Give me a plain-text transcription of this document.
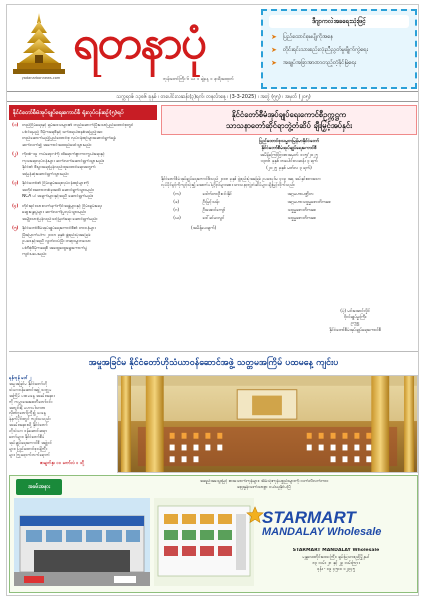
yadanarbonnews.com
ရတနာပုံ
ဘုန်းတော်ကြီး ၆ ယ ၁ ချဲ့နေ့ ၁ နာရီအထုတ်
ဒီဂျာကလဲအခရေးသုံးဖြင့်
➤ ပြည်ထောင်စုမပျိုကိုအနေ
➤ တိုင်းရင်းသားစည်းလုံးညီညွတ်မှုဖျိုက်ကွဲရေး
➤ အချုပ်အခြာအာဏာတည့်တံ့ခိုင်မြဲရေး
သက္ကရာဇ် ၁၃၈၆ ခုနှစ် ၊ တပေါင်းလဆန်း(၃)ရက်၊ တနင်္လာနေ့ ၊ (3-3-2025) ၊ အတွဲ (၅၅) ၊ အမှတ် (၂၀၅)
နိုင်ငံတော်စီမံအုပ်ချုပ်ရေးကောင်စီ ရုံးလုပ်ငန်းစဉ်(၅)ရပ်
(၁) တည်ငြိမ်ရေးနှင့် ရှမ်းဒေသများ၏ တည်ဆောက်ပြီးသောပြည်ထောင်စုတွင်
ပါဝင်ရမည့် ဒီမိုကရေစီနှင့် ဖက်ဒရယ်စနစ်အပြည့်အဝ
တည်ဆောက်မည့်ပြည်ထောင်စု လုပ်ငန်းစဉ်များဆောင်ရွက်ရန်
ဆက်လက်၍ အကောင်အထည်ဖော်သွားမည်။
(၂) ကိုဗစ်-၁၉ ကပ်ရောဂါကို ထိရောက်စွာကာကွယ်ရေးနှင့်
ကုသရေးလုပ်ငန်းများ ဆက်လက်ဆောင်ရွက်သွားမည်။
နိုင်ငံ၏ စီးပွားရေးပြန်လည်ထူထောင်ရေးအတွက်
အမြန်ဆုံးဆောင်ရွက်သွားမည်။
(၃) နိုင်ငံတော်၏ ငြိမ်းချမ်းရေးလုပ်ငန်းစဉ်များကို
အတိုင်းအတာတစ်ခုအထိ ဆောင်ရွက်သွားမည်။
NCA ပါ အချက်များနှင့်အညီ ဆောင်ရွက်မည်။
(၄) တိုင်းရင်းသားလက်နက်ကိုင်အဖွဲ့များနှင့် ငြိမ်းချမ်းရေး
ဆွေးနွေးပွဲများ ဆက်လက်ပြုလုပ်သွားမည်။
အမျိုးသားပြန်လည်သင့်မြတ်ရေး ဆောင်ရွက်မည်။
(၅) နိုင်ငံတော်စီမံအုပ်ချုပ်ရေးကောင်စီ၏ တာဝန်များ
ပြီးမြောက်ပါက ၂၀၀၈ ခုနှစ် ဖွဲ့စည်းပုံအခြေခံ
ဥပဒေနှင့်အညီ လွတ်လပ်ပြီး တရားမျှတသော
ပါတီစုံဒီမိုကရေစီ အထွေထွေရွေးကောက်ပွဲ
ကျင်းပပေးမည်။
နိုင်ငံတော်စီမံအုပ်ချုပ်ရေးကောင်စီဥက္ကဋ္ဌက
သာသနာတော်ဆိုင်ရာဘွဲ့တံဆိပ် ချီးမြှင့်အပ်နှင်း
ပြည်ထောင်စုသမ္မတမြန်မာနိုင်ငံတော်
နိုင်ငံတော်စီမံအုပ်ချုပ်ရေးကောင်စီ
အမိန့်ကြော်ငြာစာအမှတ် ၁၁၅/၂၀၂၅
၁၃၈၆ ခုနှစ် တပေါင်းလဆန်း ၃ ရက်
(၂၀၂၅ ခုနှစ် မတ်လ ၃ ရက်)
နိုင်ငံတော်စီမံအုပ်ချုပ်ရေးကောင်စီသည် ၂၀၀၈ ခုနှစ် ဖွဲ့စည်းပုံအခြေခံ ဥပဒေပုဒ်မ ၄၁၉ အရ အပ်နှင်းထားသော
လုပ်ပိုင်ခွင့်ကိုကျင့်သုံး၍ အောက်ပါပုဂ္ဂိုလ်များအား သာသနာ့ဘွဲ့တံဆိပ်များ ချီးမြှင့်လိုက်သည်။
(က)	ဒေါက်တာဦးဝင်းနိုင်	အဂ္ဂမဟာပဏ္ဍိတ
(ခ)	ဦးမြင့်သန်း	အဂ္ဂမဟာသဒ္ဓမ္မဇောတိကဓဇ
(ဂ)	ဦးအောင်ကျော်	သဒ္ဓမ္မဇောတိကဓဇ
(ဃ)	ဒေါ်ခင်မာလွင်	သဒ္ဓမ္မဇောတိကဓဇ
(အမိန့်ပေးချက်)
(ပုံ) မင်းအောင်လှိုင်
ဗိုလ်ချုပ်မှူးကြီး
ဥက္ကဋ္ဌ
နိုင်ငံတော်စီမံအုပ်ချုပ်ရေးကောင်စီ
အမှုအခြင်မ နိုင်ငံတော်ဟိုသံယာဝန်ဆောင်အဖွဲ့ သတ္တမအကြိမ် ပထမနေ့ ကျင်းပ
ရန်ကုန် မတ် ၂
အမှုအခြင်မ နိုင်ငံတော်ဟို
သံယာဝန်ဆောင်အဖွဲ့ သတ္တမ
အကြိမ် ပထမနေ့ အခမ်းအနား
ကို ကမ္ဘာအေးစေတီတော်ဝင်း
အတွင်းရှိ မဟာပါသာဏ
လိုဏ်ဂူတော်ကြီး၌ ယနေ့
နံနက်ပိုင်းတွင် ကျင်းပသည်။
အခမ်းအနားသို့ နိုင်ငံတော်
ဟိုသံယာ ဝန်ဆောင်ဆရာ
တော်များ၊ နိုင်ငံတော်စီမံ
အုပ်ချုပ်ရေးကောင်စီ အဖွဲ့ဝင်
များ၊ ပြည်ထောင်စုဝန်ကြီး
များ ကြွရောက်တက်ရောက်
စာမျက်နှာ ၁၀ ကော်လံ ၁ သို့
အခမ်းအနား
အရည်အသွေးမြင့် စားသောက်ကုန်များ၊ အိမ်သုံးကုန်ပစ္စည်းများကို လက်လီလက်ကား
ဈေးနှုန်းသက်သာစွာ ဝယ်ယူနိုင်ပါပြီ
STARMART
MANDALAY Wholesale
STARMART MANDALAY Wholesale
မန္တလေးတိုင်းဒေသကြီး၊ ချမ်းမြသာစည်မြို့နယ်
၈၃ လမ်း ၂၈ နှင့် ၂၉ လမ်းကြား
ဖုန်း - ၀၉ ၄၅၀၀ ၁၂၃၄၅
